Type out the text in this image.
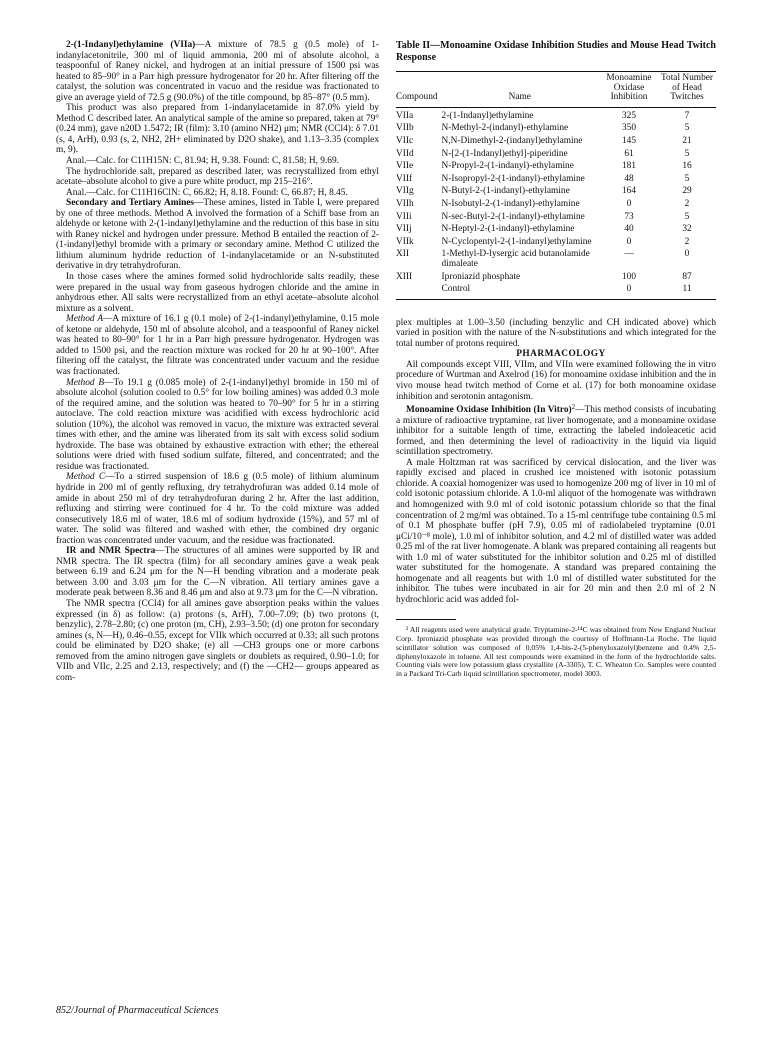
2-(1-Indanyl)ethylamine (VIIa)—A mixture of 78.5 g (0.5 mole) of 1-indanylacetonitrile, 300 ml of liquid ammonia, 200 ml of absolute alcohol, a teaspoonful of Raney nickel, and hydrogen at an initial pressure of 1500 psi was heated to 85–90° in a Parr high pressure hydrogenator for 20 hr. After filtering off the catalyst, the solution was concentrated in vacuo and the residue was fractionated to give an average yield of 72.5 g (90.0%) of the title compound, bp 85–87° (0.5 mm).

This product was also prepared from 1-indanylacetamide in 87.0% yield by Method C described later. An analytical sample of the amine so prepared, taken at 79° (0.24 mm), gave n20D 1.5472; IR (film): 3.10 (amino NH2) μm; NMR (CCl4): δ 7.01 (s, 4, ArH), 0.93 (s, 2, NH2, 2H+ eliminated by D2O shake), and 1.13–3.35 (complex m, 9).

Anal.—Calc. for C11H15N: C, 81.94; H, 9.38. Found: C, 81.58; H, 9.69.

The hydrochloride salt, prepared as described later, was recrystallized from ethyl acetate–absolute alcohol to give a pure white product, mp 215–216°.

Anal.—Calc. for C11H16ClN: C, 66.82; H, 8.18. Found: C, 66.87; H, 8.45.

Secondary and Tertiary Amines—These amines, listed in Table I, were prepared by one of three methods. Method A involved the formation of a Schiff base from an aldehyde or ketone with 2-(1-indanyl)ethylamine and the reduction of this base in situ with Raney nickel and hydrogen under pressure. Method B entailed the reaction of 2-(1-indanyl)ethyl bromide with a primary or secondary amine. Method C utilized the lithium aluminum hydride reduction of 1-indanylacetamide or an N-substituted derivative in dry tetrahydrofuran.

In those cases where the amines formed solid hydrochloride salts readily, these were prepared in the usual way from gaseous hydrogen chloride and the amine in anhydrous ether. All salts were recrystallized from an ethyl acetate–absolute alcohol mixture as a solvent.

Method A—A mixture of 16.1 g (0.1 mole) of 2-(1-indanyl)ethylamine, 0.15 mole of ketone or aldehyde, 150 ml of absolute alcohol, and a teaspoonful of Raney nickel was heated to 80–90° for 1 hr in a Parr high pressure hydrogenator. Hydrogen was added to 1500 psi, and the reaction mixture was rocked for 20 hr at 90–100°. After filtering off the catalyst, the filtrate was concentrated under vacuum and the residue was fractionated.

Method B—To 19.1 g (0.085 mole) of 2-(1-indanyl)ethyl bromide in 150 ml of absolute alcohol (solution cooled to 0.5° for low boiling amines) was added 0.3 mole of the required amine, and the solution was heated to 70–90° for 5 hr in a stirring autoclave. The cold reaction mixture was acidified with excess hydrochloric acid solution (10%), the alcohol was removed in vacuo, the mixture was extracted several times with ether, and the amine was liberated from its salt with excess solid sodium hydroxide. The base was obtained by exhaustive extraction with ether; the ethereal solutions were dried with fused sodium sulfate, filtered, and concentrated; and the residue was fractionated.

Method C—To a stirred suspension of 18.6 g (0.5 mole) of lithium aluminum hydride in 200 ml of gently refluxing, dry tetrahydrofuran was added 0.14 mole of amide in about 250 ml of dry tetrahydrofuran during 2 hr. After the last addition, refluxing and stirring were continued for 4 hr. To the cold mixture was added consecutively 18.6 ml of water, 18.6 ml of sodium hydroxide (15%), and 57 ml of water. The solid was filtered and washed with ether, the combined dry organic fraction was concentrated under vacuum, and the residue was fractionated.

IR and NMR Spectra—The structures of all amines were supported by IR and NMR spectra. The IR spectra (film) for all secondary amines gave a weak peak between 6.19 and 6.24 μm for the N—H bending vibration and a moderate peak between 3.00 and 3.03 μm for the C—N vibration. All tertiary amines gave a moderate peak between 8.36 and 8.46 μm and also at 9.73 μm for the C—N vibration.

The NMR spectra (CCl4) for all amines gave absorption peaks within the values expressed (in δ) as follow: (a) protons (s, ArH), 7.00–7.09; (b) two protons (t, benzylic), 2.78–2.80; (c) one proton (m, CH), 2.93–3.50; (d) one proton for secondary amines (s, N—H), 0.46–0.55, except for VIIk which occurred at 0.33; all such protons could be eliminated by D2O shake; (e) all —CH3 groups one or more carbons removed from the amino nitrogen gave singlets or doublets as required, 0.90–1.0; for VIIb and VIIc, 2.25 and 2.13, respectively; and (f) the —CH2— groups appeared as com-

Table II—Monoamine Oxidase Inhibition Studies and Mouse Head Twitch Response
Compound	Name	Monoamine Oxidase Inhibition	Total Number of Head Twitches
VIIa	2-(1-Indanyl)ethylamine	325	7
VIIb	N-Methyl-2-(indanyl)-ethylamine	350	5
VIIc	N,N-Dimethyl-2-(indanyl)ethylamine	145	21
VIId	N-[2-(1-Indanyl)ethyl]-piperidine	61	5
VIIe	N-Propyl-2-(1-indanyl)-ethylamine	181	16
VIIf	N-Isopropyl-2-(1-indanyl)-ethylamine	48	5
VIIg	N-Butyl-2-(1-indanyl)-ethylamine	164	29
VIIh	N-Isobutyl-2-(1-indanyl)-ethylamine	0	2
VIIi	N-sec-Butyl-2-(1-indanyl)-ethylamine	73	5
VIIj	N-Heptyl-2-(1-indanyl)-ethylamine	40	32
VIIk	N-Cyclopentyl-2-(1-indanyl)ethylamine	0	2
XII	1-Methyl-D-lysergic acid butanolamide dimaleate	—	0
XIII	Iproniazid phosphate	100	87
	Control	0	11

plex multiples at 1.00–3.50 (including benzylic and CH indicated above) which varied in position with the nature of the N-substitutions and which integrated for the total number of protons required.

PHARMACOLOGY

All compounds except VIII, VIIm, and VIIn were examined following the in vitro procedure of Wurtman and Axelrod (16) for monoamine oxidase inhibition and the in vivo mouse head twitch method of Corne et al. (17) for both monoamine oxidase inhibition and serotonin antagonism.

Monoamine Oxidase Inhibition (In Vitro)$^2$—This method consists of incubating a mixture of radioactive tryptamine, rat liver homogenate, and a monoamine oxidase inhibitor for a suitable length of time, extracting the labeled indoleacetic acid formed, and then determining the level of radioactivity in the liquid via liquid scintillation spectrometry.

A male Holtzman rat was sacrificed by cervical dislocation, and the liver was rapidly excised and placed in crushed ice moistened with isotonic potassium chloride. A coaxial homogenizer was used to homogenize 200 mg of liver in 10 ml of cold isotonic potassium chloride. A 1.0-ml aliquot of the homogenate was withdrawn and homogenized with 9.0 ml of cold isotonic potassium chloride so that the final concentration of 2 mg/ml was obtained. To a 15-ml centrifuge tube containing 0.5 ml of 0.1 M phosphate buffer (pH 7.9), 0.05 ml of radiolabeled tryptamine (0.01 μCi/10⁻⁸ mole), 1.0 ml of inhibitor solution, and 4.2 ml of distilled water was added 0.25 ml of the rat liver homogenate. A blank was prepared containing all reagents but with 1.0 ml of water substituted for the inhibitor solution and 0.25 ml of distilled water substituted for the homogenate. A standard was prepared containing the homogenate and all reagents but with 1.0 ml of distilled water substituted for the inhibitor. The tubes were incubated in air for 20 min and then 2.0 ml of 2 N hydrochloric acid was added fol-

² All reagents used were analytical grade. Tryptamine-2-¹⁴C was obtained from New England Nuclear Corp. Iproniazid phosphate was provided through the courtesy of Hoffmann-La Roche. The liquid scintillator solution was composed of 0.05% 1,4-bis-2-(5-phenyloxazolyl)benzene and 0.4% 2,5-diphenyloxazole in toluene. All test compounds were examined in the form of the hydrochloride salts. Counting vials were low potassium glass crystallite (A-3305), T. C. Wheaton Co. Samples were counted in a Packard Tri-Carb liquid scintillation spectrometer, model 3003.

852/Journal of Pharmaceutical Sciences
